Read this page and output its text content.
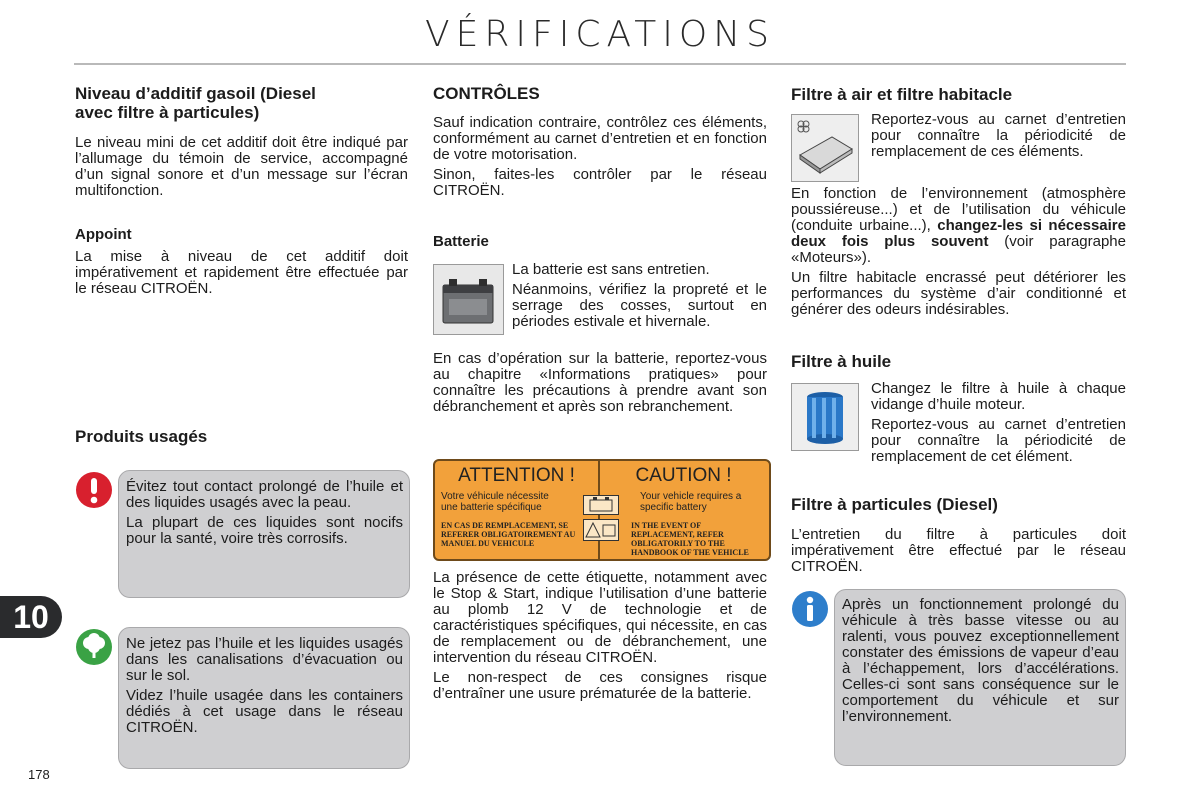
VÉRIFICATIONS
Niveau d’additif gasoil (Diesel
avec filtre à particules)

Le niveau mini de cet additif doit être indiqué par l’allumage du témoin de service, accompagné d’un signal sonore et d’un message sur l’écran multifonction.

Appoint

La mise à niveau de cet additif doit impérativement et rapidement être effectuée par le réseau CITROËN.

Produits usagés

Évitez tout contact prolongé de l’huile et des liquides usagés avec la peau.

La plupart de ces liquides sont nocifs pour la santé, voire très corrosifs.

Ne jetez pas l’huile et les liquides usagés dans les canalisations d’évacuation ou sur le sol.

Videz l’huile usagée dans les containers dédiés à cet usage dans le réseau CITROËN.

10
178
CONTRÔLES

Sauf indication contraire, contrôlez ces éléments, conformément au carnet d’entretien et en fonction de votre motorisation.

Sinon, faites-les contrôler par le réseau CITROËN.

Batterie

La batterie est sans entretien.

Néanmoins, vérifiez la propreté et le serrage des cosses, surtout en périodes estivale et hivernale.

En cas d’opération sur la batterie, reportez-vous au chapitre «Informations pratiques» pour connaître les précautions à prendre avant son débranchement et après son rebranchement.

ATTENTION !	CAUTION !
Votre véhicule nécessite une batterie spécifique
Your vehicle requires a specific battery
EN CAS DE REMPLACEMENT, SE REFERER OBLIGATOIREMENT AU MANUEL DU VEHICULE
IN THE EVENT OF REPLACEMENT, REFER OBLIGATORILY TO THE HANDBOOK OF THE VEHICLE

La présence de cette étiquette, notamment avec le Stop & Start, indique l’utilisation d’une batterie au plomb 12 V de technologie et de caractéristiques spécifiques, qui nécessite, en cas de remplacement ou de débranchement, une intervention du réseau CITROËN.

Le non-respect de ces consignes risque d’entraîner une usure prématurée de la batterie.

Filtre à air et filtre habitacle

Reportez-vous au carnet d’entretien pour connaître la périodicité de remplacement de ces éléments.

En fonction de l’environnement (atmosphère poussiéreuse...) et de l’utilisation du véhicule (conduite urbaine...), changez-les si nécessaire deux fois plus souvent (voir paragraphe «Moteurs»).

Un filtre habitacle encrassé peut détériorer les performances du système d’air conditionné et générer des odeurs indésirables.

Filtre à huile

Changez le filtre à huile à chaque vidange d’huile moteur.

Reportez-vous au carnet d’entretien pour connaître la périodicité de remplacement de cet élément.

Filtre à particules (Diesel)

L’entretien du filtre à particules doit impérativement être effectué par le réseau CITROËN.

Après un fonctionnement prolongé du véhicule à très basse vitesse ou au ralenti, vous pouvez exceptionnellement constater des émissions de vapeur d’eau à l’échappement, lors d’accélérations. Celles-ci sont sans conséquence sur le comportement du véhicule et sur l’environnement.
